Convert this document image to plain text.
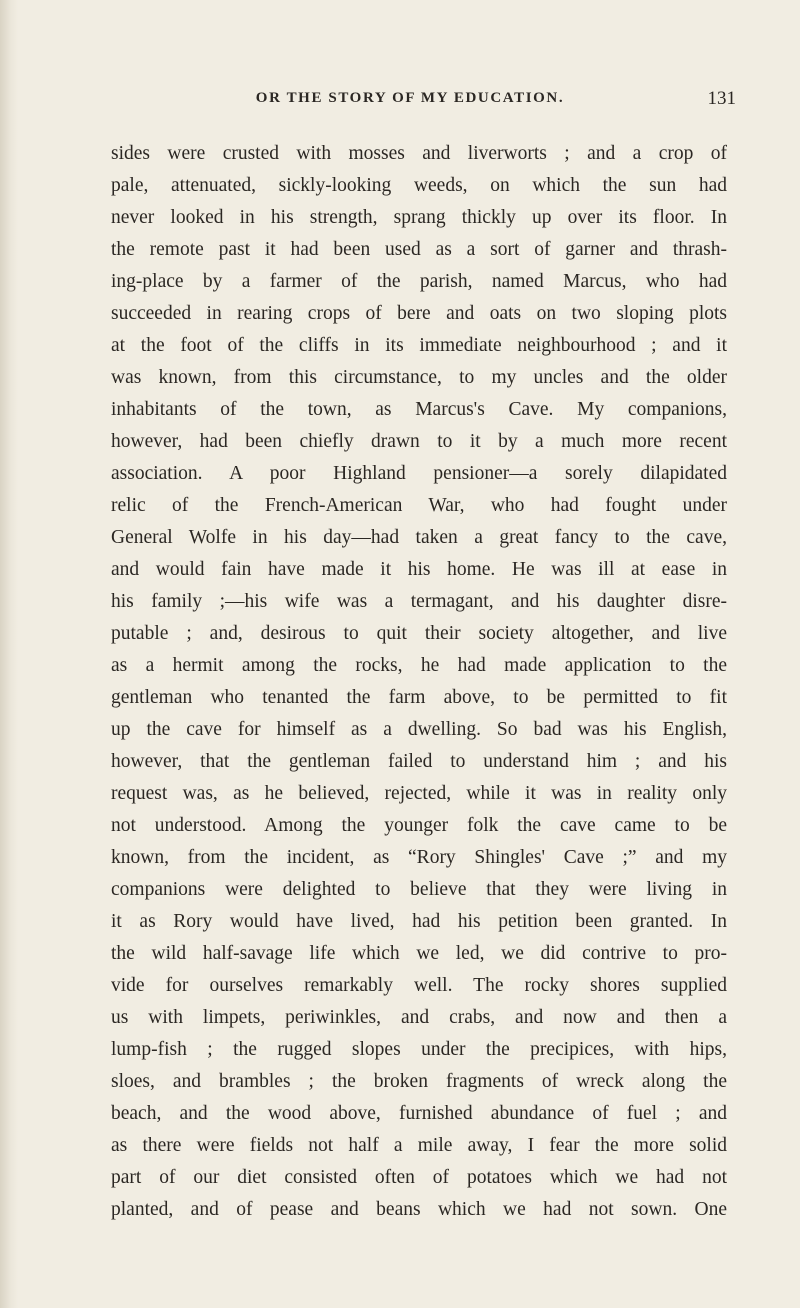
OR THE STORY OF MY EDUCATION.	131
sides were crusted with mosses and liverworts ; and a crop of
pale, attenuated, sickly-looking weeds, on which the sun had
never looked in his strength, sprang thickly up over its floor. In
the remote past it had been used as a sort of garner and thrash-
ing-place by a farmer of the parish, named Marcus, who had
succeeded in rearing crops of bere and oats on two sloping plots
at the foot of the cliffs in its immediate neighbourhood ; and it
was known, from this circumstance, to my uncles and the older
inhabitants of the town, as Marcus's Cave. My companions,
however, had been chiefly drawn to it by a much more recent
association. A poor Highland pensioner—a sorely dilapidated
relic of the French-American War, who had fought under
General Wolfe in his day—had taken a great fancy to the cave,
and would fain have made it his home. He was ill at ease in
his family ;—his wife was a termagant, and his daughter disre-
putable ; and, desirous to quit their society altogether, and live
as a hermit among the rocks, he had made application to the
gentleman who tenanted the farm above, to be permitted to fit
up the cave for himself as a dwelling. So bad was his English,
however, that the gentleman failed to understand him ; and his
request was, as he believed, rejected, while it was in reality only
not understood. Among the younger folk the cave came to be
known, from the incident, as “Rory Shingles' Cave ;” and my
companions were delighted to believe that they were living in
it as Rory would have lived, had his petition been granted. In
the wild half-savage life which we led, we did contrive to pro-
vide for ourselves remarkably well. The rocky shores supplied
us with limpets, periwinkles, and crabs, and now and then a
lump-fish ; the rugged slopes under the precipices, with hips,
sloes, and brambles ; the broken fragments of wreck along the
beach, and the wood above, furnished abundance of fuel ; and
as there were fields not half a mile away, I fear the more solid
part of our diet consisted often of potatoes which we had not
planted, and of pease and beans which we had not sown. One
